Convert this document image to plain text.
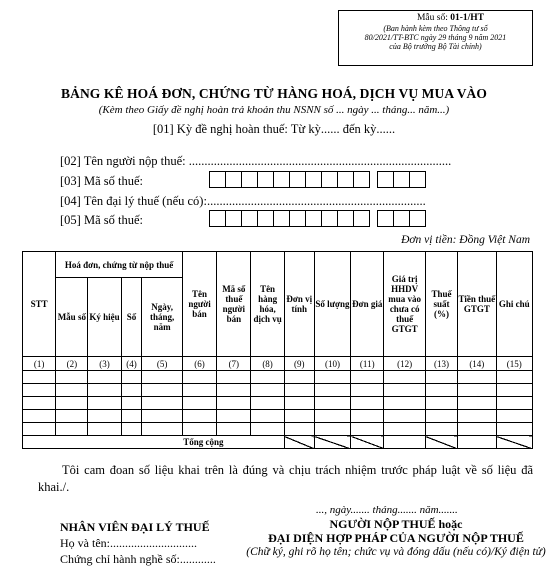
Mẫu số: 01-1/HT
(Ban hành kèm theo Thông tư số
80/2021/TT-BTC ngày 29 tháng 9 năm 2021
của Bộ trưởng Bộ Tài chính)
BẢNG KÊ HOÁ ĐƠN, CHỨNG TỪ HÀNG HOÁ, DỊCH VỤ MUA VÀO
(Kèm theo Giấy đề nghị hoàn trả khoản thu NSNN số ... ngày ... tháng... năm...)
[01] Kỳ đề nghị hoàn thuế: Từ kỳ...... đến kỳ......
[02] Tên người nộp thuế: ....................................................................................
[03] Mã số thuế:
[04] Tên đại lý thuế (nếu có):......................................................................
[05] Mã số thuế:
Đơn vị tiền: Đồng Việt Nam
STT	Hoá đơn, chứng từ nộp thuế				Tên người bán	Mã số thuế người bán	Tên hàng hóa, dịch vụ	Đơn vị tính	Số lượng	Đơn giá	Giá trị HHDV mua vào chưa có thuế GTGT	Thuế suất (%)	Tiền thuế GTGT	Ghi chú
	Mẫu số	Ký hiệu	Số	Ngày, tháng, năm										
(1)	(2)	(3)	(4)	(5)	(6)	(7)	(8)	(9)	(10)	(11)	(12)	(13)	(14)	(15)

Tổng cộng														
Tôi cam đoan số liệu khai trên là đúng và chịu trách nhiệm trước pháp luật về số liệu đã khai./.
..., ngày....... tháng....... năm.......
NHÂN VIÊN ĐẠI LÝ THUẾ
Họ và tên:.............................
Chứng chỉ hành nghề số:............
NGƯỜI NỘP THUẾ hoặc
ĐẠI DIỆN HỢP PHÁP CỦA NGƯỜI NỘP THUẾ
(Chữ ký, ghi rõ họ tên; chức vụ và đóng dấu (nếu có)/Ký điện tử)
